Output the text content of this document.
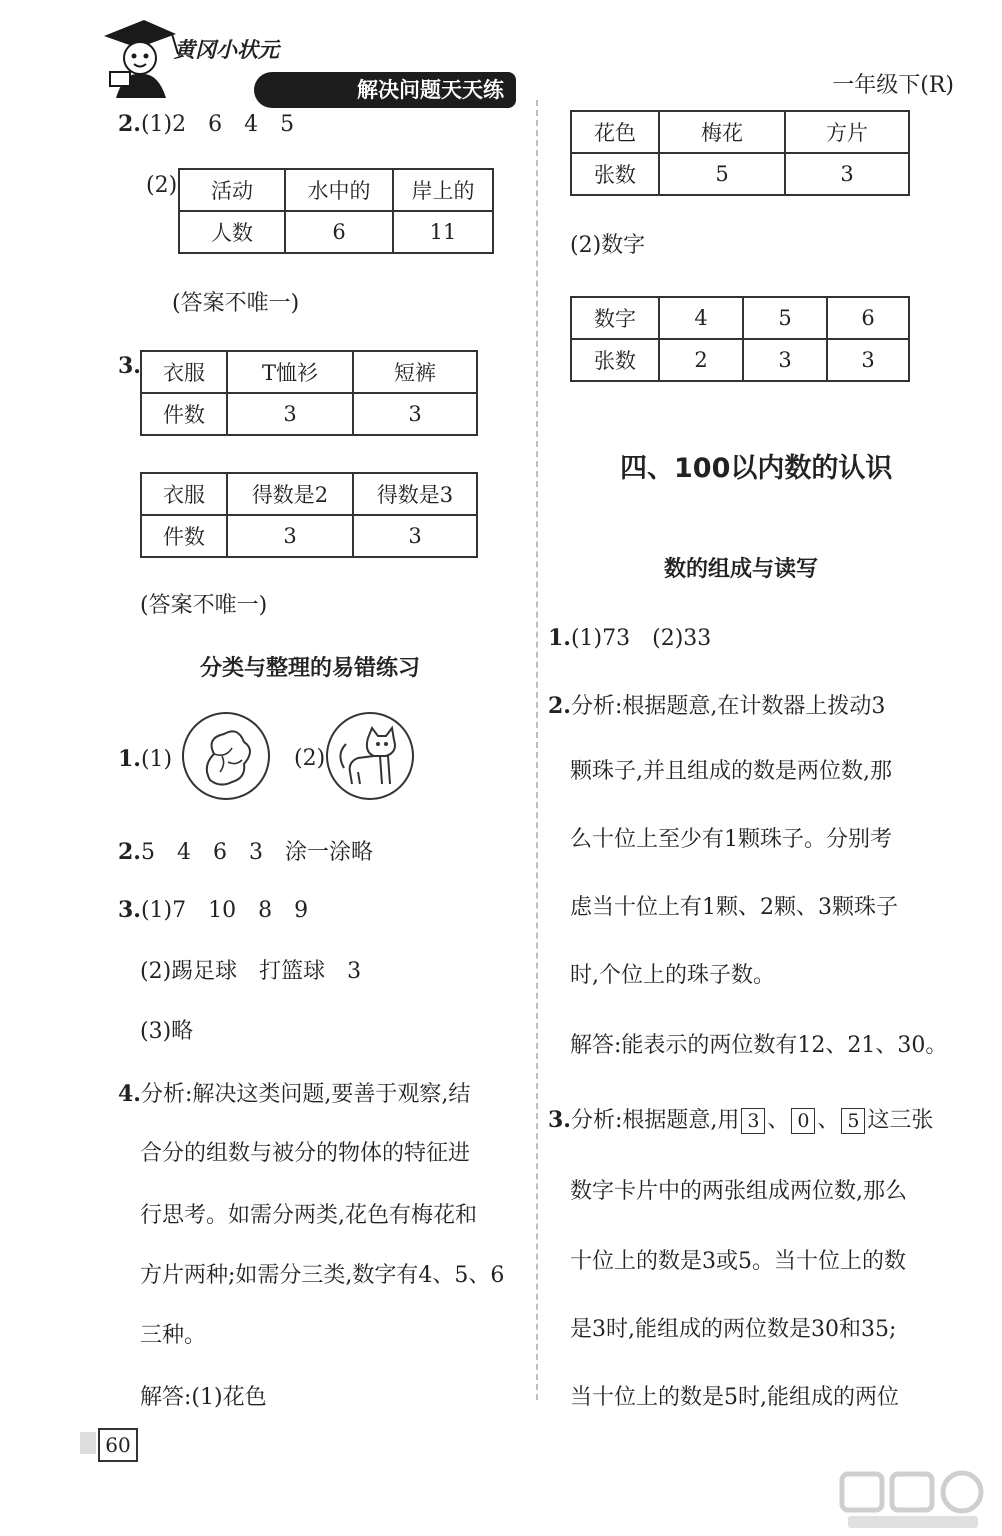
黄冈小状元
解决问题天天练	一年级下(R)
2.(1)2　6　4　5
(2) 活动	水中的	岸上的
人数	6	11
(答案不唯一)
3. 衣服	T恤衫	短裤
件数	3	3
衣服	得数是2	得数是3
件数	3	3
(答案不唯一)
分类与整理的易错练习
1.(1)	(2)
2.5　4　6　3　涂一涂略
3.(1)7　10　8　9
(2)踢足球　打篮球　3
(3)略
4.分析:解决这类问题,要善于观察,结
合分的组数与被分的物体的特征进
行思考。如需分两类,花色有梅花和
方片两种;如需分三类,数字有4、5、6
三种。
解答:(1)花色
花色	梅花	方片
张数	5	3
(2)数字
数字	4	5	6
张数	2	3	3
四、100以内数的认识
数的组成与读写
1.(1)73　(2)33
2.分析:根据题意,在计数器上拨动3
颗珠子,并且组成的数是两位数,那
么十位上至少有1颗珠子。分别考
虑当十位上有1颗、2颗、3颗珠子
时,个位上的珠子数。
解答:能表示的两位数有12、21、30。
3.分析:根据题意,用 3 、 0 、 5 这三张
数字卡片中的两张组成两位数,那么
十位上的数是3或5。当十位上的数
是3时,能组成的两位数是30和35;
当十位上的数是5时,能组成的两位
60
